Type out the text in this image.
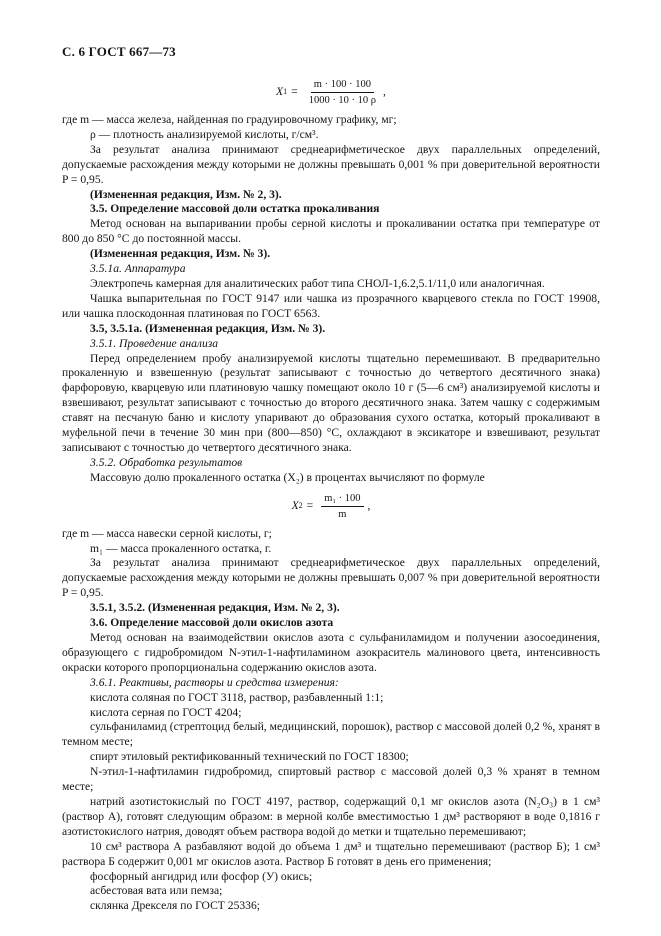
С. 6 ГОСТ 667—73
X $1 = \frac{m \cdot 100 \cdot 100}{1000 \cdot 10 \cdot 10 \rho}$ ,

где m — масса железа, найденная по градуировочному графику, мг;

ρ — плотность анализируемой кислоты, г/см³.

За результат анализа принимают среднеарифметическое двух параллельных определений, допускаемые расхождения между которыми не должны превышать 0,001 % при доверительной вероятности P = 0,95.

(Измененная редакция, Изм. № 2, 3).

3.5. Определение массовой доли остатка прокаливания

Метод основан на выпаривании пробы серной кислоты и прокаливании остатка при температуре от 800 до 850 °С до постоянной массы.

(Измененная редакция, Изм. № 3).

3.5.1а. Аппаратура

Электропечь камерная для аналитических работ типа СНОЛ-1,6.2,5.1/11,0 или аналогичная.

Чашка выпарительная по ГОСТ 9147 или чашка из прозрачного кварцевого стекла по ГОСТ 19908, или чашка плоскодонная платиновая по ГОСТ 6563.

3.5, 3.5.1а. (Измененная редакция, Изм. № 3).

3.5.1. Проведение анализа

Перед определением пробу анализируемой кислоты тщательно перемешивают. В предварительно прокаленную и взвешенную (результат записывают с точностью до четвертого десятичного знака) фарфоровую, кварцевую или платиновую чашку помещают около 10 г (5—6 см³) анализируемой кислоты и взвешивают, результат записывают с точностью до второго десятичного знака. Затем чашку с содержимым ставят на песчаную баню и кислоту упаривают до образования сухого остатка, который прокаливают в муфельной печи в течение 30 мин при (800—850) °С, охлаждают в эксикаторе и взвешивают, результат записывают с точностью до четвертого десятичного знака.

3.5.2. Обработка результатов

Массовую долю прокаленного остатка (X₂) в процентах вычисляют по формуле

X $2 = \frac{\text{m₁ · 100}}{m}$ ,

где m — масса навески серной кислоты, г;

m₁ — масса прокаленного остатка, г.

За результат анализа принимают среднеарифметическое двух параллельных определений, допускаемые расхождения между которыми не должны превышать 0,007 % при доверительной вероятности P = 0,95.

3.5.1, 3.5.2. (Измененная редакция, Изм. № 2, 3).

3.6. Определение массовой доли окислов азота

Метод основан на взаимодействии окислов азота с сульфаниламидом и получении азосоединения, образующего с гидробромидом N-этил-1-нафтиламином азокраситель малинового цвета, интенсивность окраски которого пропорциональна содержанию окислов азота.

3.6.1. Реактивы, растворы и средства измерения:

кислота соляная по ГОСТ 3118, раствор, разбавленный 1:1;

кислота серная по ГОСТ 4204;

сульфаниламид (стрептоцид белый, медицинский, порошок), раствор с массовой долей 0,2 %, хранят в темном месте;

спирт этиловый ректификованный технический по ГОСТ 18300;

N-этил-1-нафтиламин гидробромид, спиртовый раствор с массовой долей 0,3 % хранят в темном месте;

натрий азотистокислый по ГОСТ 4197, раствор, содержащий 0,1 мг окислов азота (N₂O₃) в 1 см³ (раствор А), готовят следующим образом: в мерной колбе вместимостью 1 дм³ растворяют в воде 0,1816 г азотистокислого натрия, доводят объем раствора водой до метки и тщательно перемешивают;

10 см³ раствора А разбавляют водой до объема 1 дм³ и тщательно перемешивают (раствор Б); 1 см³ раствора Б содержит 0,001 мг окислов азота. Раствор Б готовят в день его применения;

фосфорный ангидрид или фосфор (У) окись;

асбестовая вата или пемза;

склянка Дрекселя по ГОСТ 25336;
